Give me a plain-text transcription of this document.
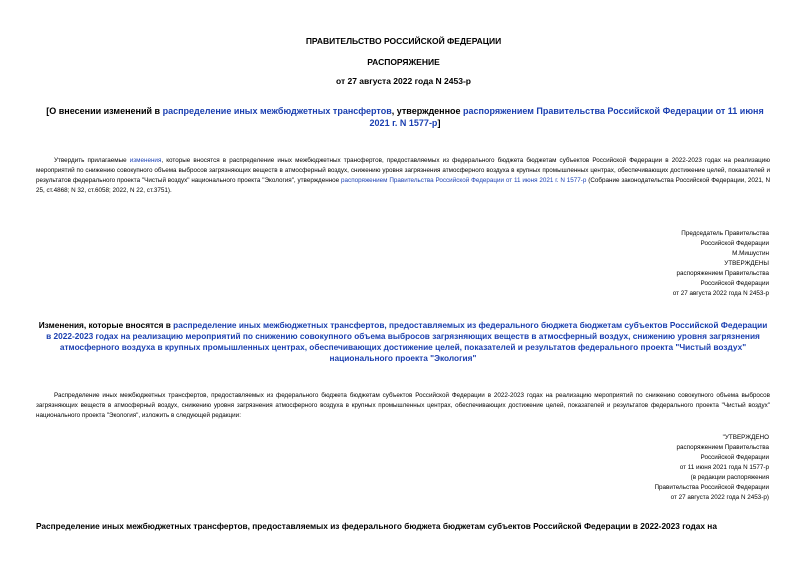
ПРАВИТЕЛЬСТВО РОССИЙСКОЙ ФЕДЕРАЦИИ
РАСПОРЯЖЕНИЕ
от 27 августа 2022 года N 2453-р
[О внесении изменений в распределение иных межбюджетных трансфертов, утвержденное распоряжением Правительства Российской Федерации от 11 июня 2021 г. N 1577-р]
Утвердить прилагаемые изменения, которые вносятся в распределение иных межбюджетных трансфертов, предоставляемых из федерального бюджета бюджетам субъектов Российской Федерации в 2022-2023 годах на реализацию мероприятий по снижению совокупного объема выбросов загрязняющих веществ в атмосферный воздух, снижению уровня загрязнения атмосферного воздуха в крупных промышленных центрах, обеспечивающих достижение целей, показателей и результатов федерального проекта "Чистый воздух" национального проекта "Экология", утвержденное распоряжением Правительства Российской Федерации от 11 июня 2021 г. N 1577-р (Собрание законодательства Российской Федерации, 2021, N 25, ст.4868; N 32, ст.6058; 2022, N 22, ст.3751).
Председатель Правительства
Российской Федерации
М.Мишустин
УТВЕРЖДЕНЫ
распоряжением Правительства
Российской Федерации
от 27 августа 2022 года N 2453-р
Изменения, которые вносятся в распределение иных межбюджетных трансфертов, предоставляемых из федерального бюджета бюджетам субъектов Российской Федерации в 2022-2023 годах на реализацию мероприятий по снижению совокупного объема выбросов загрязняющих веществ в атмосферный воздух, снижению уровня загрязнения атмосферного воздуха в крупных промышленных центрах, обеспечивающих достижение целей, показателей и результатов федерального проекта "Чистый воздух" национального проекта "Экология"
Распределение иных межбюджетных трансфертов, предоставляемых из федерального бюджета бюджетам субъектов Российской Федерации в 2022-2023 годах на реализацию мероприятий по снижению совокупного объема выбросов загрязняющих веществ в атмосферный воздух, снижению уровня загрязнения атмосферного воздуха в крупных промышленных центрах, обеспечивающих достижение целей, показателей и результатов федерального проекта "Чистый воздух" национального проекта "Экология", изложить в следующей редакции:
"УТВЕРЖДЕНО
распоряжением Правительства
Российской Федерации
от 11 июня 2021 года N 1577-р
(в редакции распоряжения
Правительства Российской Федерации
от 27 августа 2022 года N 2453-р)
Распределение иных межбюджетных трансфертов, предоставляемых из федерального бюджета бюджетам субъектов Российской Федерации в 2022-2023 годах на
